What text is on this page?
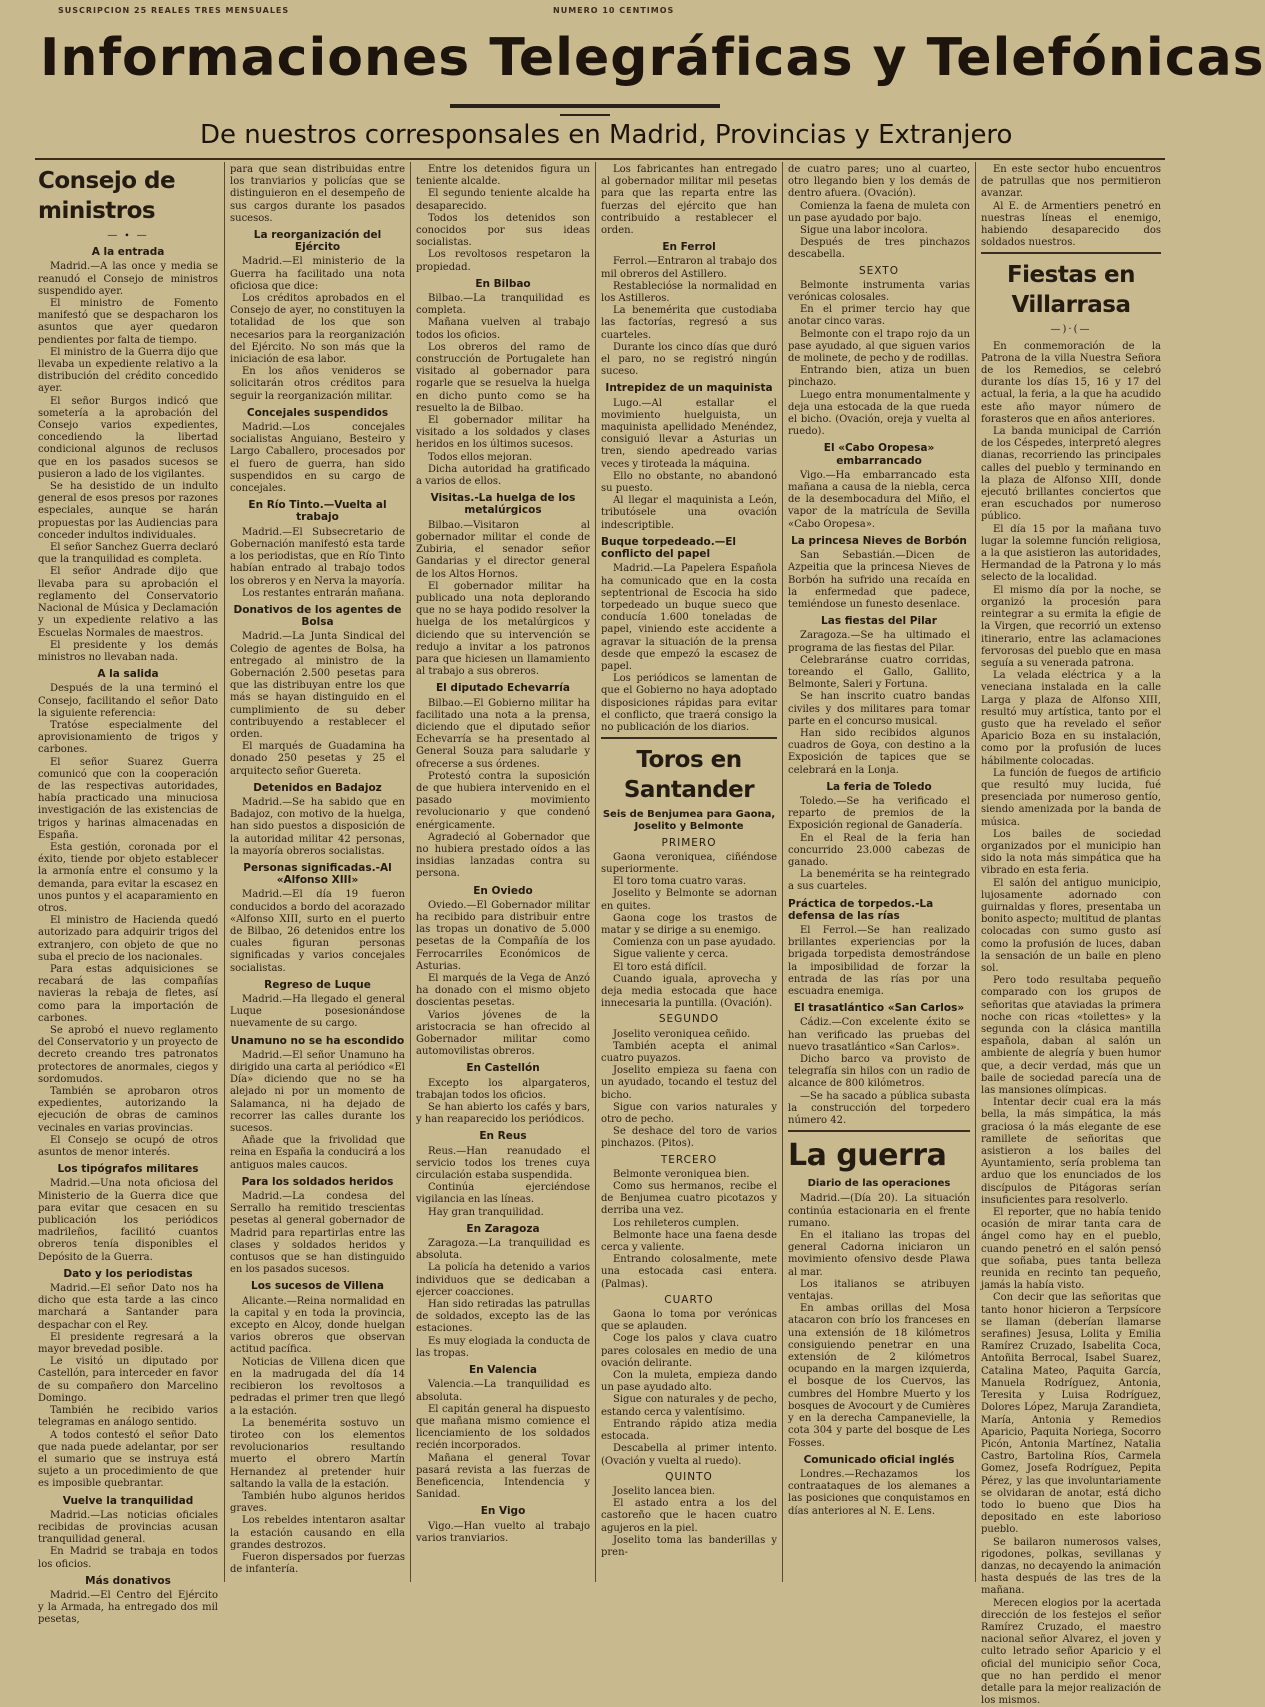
SUSCRIPCION 25 REALES TRES MENSUALES	NUMERO 10 CENTIMOS
Informaciones Telegráficas y Telefónicas
De nuestros corresponsales en Madrid, Provincias y Extranjero
Consejo de ministros
— ∙ —
A la entrada

Madrid.—A las once y media se reanudó el Consejo de ministros suspendido ayer.

El ministro de Fomento manifestó que se despacharon los asuntos que ayer quedaron pendientes por falta de tiempo.

El ministro de la Guerra dijo que llevaba un expediente relativo a la distribución del crédito concedido ayer.

El señor Burgos indicó que sometería a la aprobación del Consejo varios expedientes, concediendo la libertad condicional algunos de reclusos que en los pasados sucesos se pusieron a lado de los vigilantes.

Se ha desistido de un indulto general de esos presos por razones especiales, aunque se harán propuestas por las Audiencias para conceder indultos individuales.

El señor Sanchez Guerra declaró que la tranquilidad es completa.

El señor Andrade dijo que llevaba para su aprobación el reglamento del Conservatorio Nacional de Música y Declamación y un expediente relativo a las Escuelas Normales de maestros.

El presidente y los demás ministros no llevaban nada.

A la salida

Después de la una terminó el Consejo, facilitando el señor Dato la siguiente referencia:

Tratóse especialmente del aprovisionamiento de trigos y carbones.

El señor Suarez Guerra comunicó que con la cooperación de las respectivas autoridades, había practicado una minuciosa investigación de las existencias de trigos y harinas almacenadas en España.

Esta gestión, coronada por el éxito, tiende por objeto establecer la armonía entre el consumo y la demanda, para evitar la escasez en unos puntos y el acaparamiento en otros.

El ministro de Hacienda quedó autorizado para adquirir trigos del extranjero, con objeto de que no suba el precio de los nacionales.

Para estas adquisiciones se recabará de las compañías navieras la rebaja de fletes, así como para la importación de carbones.

Se aprobó el nuevo reglamento del Conservatorio y un proyecto de decreto creando tres patronatos protectores de anormales, ciegos y sordomudos.

También se aprobaron otros expedientes, autorizando la ejecución de obras de caminos vecinales en varias provincias.

El Consejo se ocupó de otros asuntos de menor interés.

Los tipógrafos militares

Madrid.—Una nota oficiosa del Ministerio de la Guerra dice que para evitar que cesacen en su publicación los periódicos madrileños, facilitó cuantos obreros tenía disponibles el Depósito de la Guerra.

Dato y los periodistas

Madrid.—El señor Dato nos ha dicho que esta tarde a las cinco marchará a Santander para despachar con el Rey.

El presidente regresará a la mayor brevedad posible.

Le visitó un diputado por Castellón, para interceder en favor de su compañero don Marcelino Domingo.

También he recibido varios telegramas en análogo sentido.

A todos contestó el señor Dato que nada puede adelantar, por ser el sumario que se instruya está sujeto a un procedimiento de que es imposible quebrantar.

Vuelve la tranquilidad

Madrid.—Las noticias oficiales recibidas de provincias acusan tranquilidad general.

En Madrid se trabaja en todos los oficios.

Más donativos

Madrid.—El Centro del Ejército y la Armada, ha entregado dos mil pesetas,

para que sean distribuidas entre los tranviarios y policías que se distinguieron en el desempeño de sus cargos durante los pasados sucesos.

La reorganización del Ejército

Madrid.—El ministerio de la Guerra ha facilitado una nota oficiosa que dice:

Los créditos aprobados en el Consejo de ayer, no constituyen la totalidad de los que son necesarios para la reorganización del Ejército. No son más que la iniciación de esa labor.

En los años venideros se solicitarán otros créditos para seguir la reorganización militar.

Concejales suspendidos

Madrid.—Los concejales socialistas Anguiano, Besteiro y Largo Caballero, procesados por el fuero de guerra, han sido suspendidos en su cargo de concejales.

En Río Tinto.—Vuelta al trabajo

Madrid.—El Subsecretario de Gobernación manifestó esta tarde a los periodistas, que en Río Tinto habían entrado al trabajo todos los obreros y en Nerva la mayoría.

Los restantes entrarán mañana.

Donativos de los agentes de Bolsa

Madrid.—La Junta Sindical del Colegio de agentes de Bolsa, ha entregado al ministro de la Gobernación 2.500 pesetas para que las distribuyan entre los que más se hayan distinguido en el cumplimiento de su deber contribuyendo a restablecer el orden.

El marqués de Guadamina ha donado 250 pesetas y 25 el arquitecto señor Guereta.

Detenidos en Badajoz

Madrid.—Se ha sabido que en Badajoz, con motivo de la huelga, han sido puestos a disposición de la autoridad militar 42 personas, la mayoría obreros socialistas.

Personas significadas.-Al «Alfonso XIII»

Madrid.—El día 19 fueron conducidos a bordo del acorazado «Alfonso XIII, surto en el puerto de Bilbao, 26 detenidos entre los cuales figuran personas significadas y varios concejales socialistas.

Regreso de Luque

Madrid.—Ha llegado el general Luque posesionándose nuevamente de su cargo.

Unamuno no se ha escondido

Madrid.—El señor Unamuno ha dirigido una carta al periódico «El Día» diciendo que no se ha alejado ni por un momento de Salamanca, ni ha dejado de recorrer las calles durante los sucesos.

Añade que la frivolidad que reina en España la conducirá a los antiguos males caucos.

Para los soldados heridos

Madrid.—La condesa del Serrallo ha remitido trescientas pesetas al general gobernador de Madrid para repartirlas entre las clases y soldados heridos y contusos que se han distinguido en los pasados sucesos.

Los sucesos de Villena

Alicante.—Reina normalidad en la capital y en toda la provincia, excepto en Alcoy, donde huelgan varios obreros que observan actitud pacífica.

Noticias de Villena dicen que en la madrugada del día 14 recibieron los revoltosos a pedradas el primer tren que llegó a la estación.

La benemérita sostuvo un tiroteo con los elementos revolucionarios resultando muerto el obrero Martín Hernandez al pretender huir saltando la valla de la estación.

También hubo algunos heridos graves.

Los rebeldes intentaron asaltar la estación causando en ella grandes destrozos.

Fueron dispersados por fuerzas de infantería.

Entre los detenidos figura un teniente alcalde.

El segundo teniente alcalde ha desaparecido.

Todos los detenidos son conocidos por sus ideas socialistas.

Los revoltosos respetaron la propiedad.

En Bilbao

Bilbao.—La tranquilidad es completa.

Mañana vuelven al trabajo todos los oficios.

Los obreros del ramo de construcción de Portugalete han visitado al gobernador para rogarle que se resuelva la huelga en dicho punto como se ha resuelto la de Bilbao.

El gobernador militar ha visitado a los soldados y clases heridos en los últimos sucesos.

Todos ellos mejoran.

Dicha autoridad ha gratificado a varios de ellos.

Visitas.-La huelga de los metalúrgicos

Bilbao.—Visitaron al gobernador militar el conde de Zubiria, el senador señor Gandarias y el director general de los Altos Hornos.

El gobernador militar ha publicado una nota deplorando que no se haya podido resolver la huelga de los metalúrgicos y diciendo que su intervención se redujo a invitar a los patronos para que hiciesen un llamamiento al trabajo a sus obreros.

El diputado Echevarría

Bilbao.—El Gobierno militar ha facilitado una nota a la prensa, diciendo que el diputado señor Echevarría se ha presentado al General Souza para saludarle y ofrecerse a sus órdenes.

Protestó contra la suposición de que hubiera intervenido en el pasado movimiento revolucionario y que condenó enérgicamente.

Agradeció al Gobernador que no hubiera prestado oídos a las insidias lanzadas contra su persona.

En Oviedo

Oviedo.—El Gobernador militar ha recibido para distribuir entre las tropas un donativo de 5.000 pesetas de la Compañía de los Ferrocarriles Económicos de Asturias.

El marqués de la Vega de Anzó ha donado con el mismo objeto doscientas pesetas.

Varios jóvenes de la aristocracia se han ofrecido al Gobernador militar como automovilistas obreros.

En Castellón

Excepto los alpargateros, trabajan todos los oficios.

Se han abierto los cafés y bars, y han reaparecido los periódicos.

En Reus

Reus.—Han reanudado el servicio todos los trenes cuya circulación estaba suspendida.

Continúa ejerciéndose vigilancia en las líneas.

Hay gran tranquilidad.

En Zaragoza

Zaragoza.—La tranquilidad es absoluta.

La policía ha detenido a varios individuos que se dedicaban a ejercer coacciones.

Han sido retiradas las patrullas de soldados, excepto las de las estaciones.

Es muy elogiada la conducta de las tropas.

En Valencia

Valencia.—La tranquilidad es absoluta.

El capitán general ha dispuesto que mañana mismo comience el licenciamiento de los soldados recién incorporados.

Mañana el general Tovar pasará revista a las fuerzas de Beneficencia, Intendencia y Sanidad.

En Vigo

Vigo.—Han vuelto al trabajo varios tranviarios.

Los fabricantes han entregado al gobernador militar mil pesetas para que las reparta entre las fuerzas del ejército que han contribuido a restablecer el orden.

En Ferrol

Ferrol.—Entraron al trabajo dos mil obreros del Astillero.

Restablecióse la normalidad en los Astilleros.

La benemérita que custodiaba las factorías, regresó a sus cuarteles.

Durante los cinco días que duró el paro, no se registró ningún suceso.

Intrepidez de un maquinista

Lugo.—Al estallar el movimiento huelguista, un maquinista apellidado Menéndez, consiguió llevar a Asturias un tren, siendo apedreado varias veces y tiroteada la máquina.

Ello no obstante, no abandonó su puesto.

Al llegar el maquinista a León, tributósele una ovación indescriptible.

Buque torpedeado.—El conflicto del papel

Madrid.—La Papelera Española ha comunicado que en la costa septentrional de Escocia ha sido torpedeado un buque sueco que conducía 1.600 toneladas de papel, viniendo este accidente a agravar la situación de la prensa desde que empezó la escasez de papel.

Los periódicos se lamentan de que el Gobierno no haya adoptado disposiciones rápidas para evitar el conflicto, que traerá consigo la no publicación de los diarios.

Toros en Santander
Seis de Benjumea para Gaona, Joselito y Belmonte
PRIMERO

Gaona veroniquea, ciñéndose superiormente.

El toro toma cuatro varas.

Joselito y Belmonte se adornan en quites.

Gaona coge los trastos de matar y se dirige a su enemigo.

Comienza con un pase ayudado.

Sigue valiente y cerca.

El toro está difícil.

Cuando iguala, aprovecha y deja media estocada que hace innecesaria la puntilla. (Ovación).

SEGUNDO

Joselito veroniquea ceñido.

También acepta el animal cuatro puyazos.

Joselito empieza su faena con un ayudado, tocando el testuz del bicho.

Sigue con varios naturales y otro de pecho.

Se deshace del toro de varios pinchazos. (Pitos).

TERCERO

Belmonte veroniquea bien.

Como sus hermanos, recibe el de Benjumea cuatro picotazos y derriba una vez.

Los rehileteros cumplen.

Belmonte hace una faena desde cerca y valiente.

Entrando colosalmente, mete una estocada casi entera. (Palmas).

CUARTO

Gaona lo toma por verónicas que se aplauden.

Coge los palos y clava cuatro pares colosales en medio de una ovación delirante.

Con la muleta, empieza dando un pase ayudado alto.

Sigue con naturales y de pecho, estando cerca y valentísimo.

Entrando rápido atiza media estocada.

Descabella al primer intento. (Ovación y vuelta al ruedo).

QUINTO

Joselito lancea bien.

El astado entra a los del castoreño que le hacen cuatro agujeros en la piel.

Joselito toma las banderillas y pren-

de cuatro pares; uno al cuarteo, otro llegando bien y los demás de dentro afuera. (Ovación).

Comienza la faena de muleta con un pase ayudado por bajo.

Sigue una labor incolora.

Después de tres pinchazos descabella.

SEXTO

Belmonte instrumenta varias verónicas colosales.

En el primer tercio hay que anotar cinco varas.

Belmonte con el trapo rojo da un pase ayudado, al que siguen varios de molinete, de pecho y de rodillas.

Entrando bien, atiza un buen pinchazo.

Luego entra monumentalmente y deja una estocada de la que rueda el bicho. (Ovación, oreja y vuelta al ruedo).

El «Cabo Oropesa» embarrancado

Vigo.—Ha embarrancado esta mañana a causa de la niebla, cerca de la desembocadura del Miño, el vapor de la matrícula de Sevilla «Cabo Oropesa».

La princesa Nieves de Borbón

San Sebastián.—Dicen de Azpeitia que la princesa Nieves de Borbón ha sufrido una recaída en la enfermedad que padece, temiéndose un funesto desenlace.

Las fiestas del Pilar

Zaragoza.—Se ha ultimado el programa de las fiestas del Pilar.

Celebraránse cuatro corridas, toreando el Gallo, Gallito, Belmonte, Saleri y Fortuna.

Se han inscrito cuatro bandas civiles y dos militares para tomar parte en el concurso musical.

Han sido recibidos algunos cuadros de Goya, con destino a la Exposición de tapices que se celebrará en la Lonja.

La feria de Toledo

Toledo.—Se ha verificado el reparto de premios de la Exposición regional de Ganadería.

En el Real de la feria han concurrido 23.000 cabezas de ganado.

La benemérita se ha reintegrado a sus cuarteles.

Práctica de torpedos.-La defensa de las rías

El Ferrol.—Se han realizado brillantes experiencias por la brigada torpedista demostrándose la imposibilidad de forzar la entrada de las rías por una escuadra enemiga.

El trasatlántico «San Carlos»

Cádiz.—Con excelente éxito se han verificado las pruebas del nuevo trasatlántico «San Carlos».

Dicho barco va provisto de telegrafía sin hilos con un radio de alcance de 800 kilómetros.

—Se ha sacado a pública subasta la construcción del torpedero número 42.

La guerra
Diario de las operaciones

Madrid.—(Día 20). La situación continúa estacionaria en el frente rumano.

En el italiano las tropas del general Cadorna iniciaron un movimiento ofensivo desde Plawa al mar.

Los italianos se atribuyen ventajas.

En ambas orillas del Mosa atacaron con brío los franceses en una extensión de 18 kilómetros consiguiendo penetrar en una extensión de 2 kilómetros ocupando en la margen izquierda, el bosque de los Cuervos, las cumbres del Hombre Muerto y los bosques de Avocourt y de Cumières y en la derecha Campanevielle, la cota 304 y parte del bosque de Les Fosses.

Comunicado oficial inglés

Londres.—Rechazamos los contraataques de los alemanes a las posiciones que conquistamos en días anteriores al N. E. Lens.

En este sector hubo encuentros de patrullas que nos permitieron avanzar.

Al E. de Armentiers penetró en nuestras líneas el enemigo, habiendo desaparecido dos soldados nuestros.

Fiestas en Villarrasa
—)·(—

En conmemoración de la Patrona de la villa Nuestra Señora de los Remedios, se celebró durante los días 15, 16 y 17 del actual, la feria, a la que ha acudido este año mayor número de forasteros que en años anteriores.

La banda municipal de Carrión de los Céspedes, interpretó alegres dianas, recorriendo las principales calles del pueblo y terminando en la plaza de Alfonso XIII, donde ejecutó brillantes conciertos que eran escuchados por numeroso público.

El día 15 por la mañana tuvo lugar la solemne función religiosa, a la que asistieron las autoridades, Hermandad de la Patrona y lo más selecto de la localidad.

El mismo día por la noche, se organizó la procesión para reintegrar a su ermita la efigie de la Virgen, que recorrió un extenso itinerario, entre las aclamaciones fervorosas del pueblo que en masa seguía a su venerada patrona.

La velada eléctrica y a la veneciana instalada en la calle Larga y plaza de Alfonso XIII, resultó muy artística, tanto por el gusto que ha revelado el señor Aparicio Boza en su instalación, como por la profusión de luces hábilmente colocadas.

La función de fuegos de artificio que resultó muy lucida, fué presenciada por numeroso gentío, siendo amenizada por la banda de música.

Los bailes de sociedad organizados por el municipio han sido la nota más simpática que ha vibrado en esta feria.

El salón del antiguo municipio, lujosamente adornado con guirnaldas y flores, presentaba un bonito aspecto; multitud de plantas colocadas con sumo gusto así como la profusión de luces, daban la sensación de un baile en pleno sol.

Pero todo resultaba pequeño comparado con los grupos de señoritas que ataviadas la primera noche con ricas «toilettes» y la segunda con la clásica mantilla española, daban al salón un ambiente de alegría y buen humor que, a decir verdad, más que un baile de sociedad parecía una de las mansiones olímpicas.

Intentar decir cual era la más bella, la más simpática, la más graciosa ó la más elegante de ese ramillete de señoritas que asistieron a los bailes del Ayuntamiento, sería problema tan arduo que los enunciados de los discípulos de Pitágoras serían insuficientes para resolverlo.

El reporter, que no había tenido ocasión de mirar tanta cara de ángel como hay en el pueblo, cuando penetró en el salón pensó que soñaba, pues tanta belleza reunida en recinto tan pequeño, jamás la había visto.

Con decir que las señoritas que tanto honor hicieron a Terpsícore se llaman (deberían llamarse serafines) Jesusa, Lolita y Emilia Ramírez Cruzado, Isabelita Coca, Antoñita Berrocal, Isabel Suarez, Catalina Mateo, Paquita García, Manuela Rodríguez, Antonia, Teresita y Luisa Rodríguez, Dolores López, Maruja Zarandieta, María, Antonia y Remedios Aparicio, Paquita Noriega, Socorro Picón, Antonia Martínez, Natalia Castro, Bartolina Ríos, Carmela Gomez, Josefa Rodríguez, Pepita Pérez, y las que involuntariamente se olvidaran de anotar, está dicho todo lo bueno que Dios ha depositado en este laborioso pueblo.

Se bailaron numerosos valses, rigodones, polkas, sevillanas y danzas, no decayendo la animación hasta después de las tres de la mañana.

Merecen elogios por la acertada dirección de los festejos el señor Ramírez Cruzado, el maestro nacional señor Alvarez, el joven y culto letrado señor Aparicio y el oficial del municipio señor Coca, que no han perdido el menor detalle para la mejor realización de los mismos.
